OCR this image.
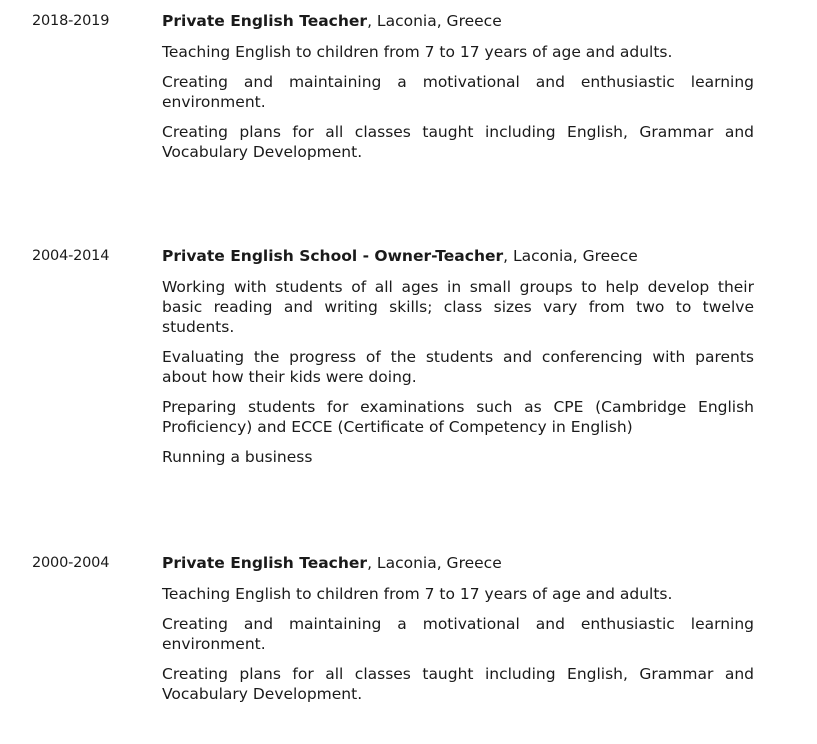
2018-2019	Private English Teacher, Laconia, Greece

Teaching English to children from 7 to 17 years of age and adults.

Creating and maintaining a motivational and enthusiastic learning environment.

Creating plans for all classes taught including English, Grammar and Vocabulary Development.

2004-2014	Private English School - Owner-Teacher, Laconia, Greece

Working with students of all ages in small groups to help develop their basic reading and writing skills; class sizes vary from two to twelve students.

Evaluating the progress of the students and conferencing with parents about how their kids were doing.

Preparing students for examinations such as CPE (Cambridge English Proficiency) and ECCE (Certificate of Competency in English)

Running a business

2000-2004	Private English Teacher, Laconia, Greece

Teaching English to children from 7 to 17 years of age and adults.

Creating and maintaining a motivational and enthusiastic learning environment.

Creating plans for all classes taught including English, Grammar and Vocabulary Development.
